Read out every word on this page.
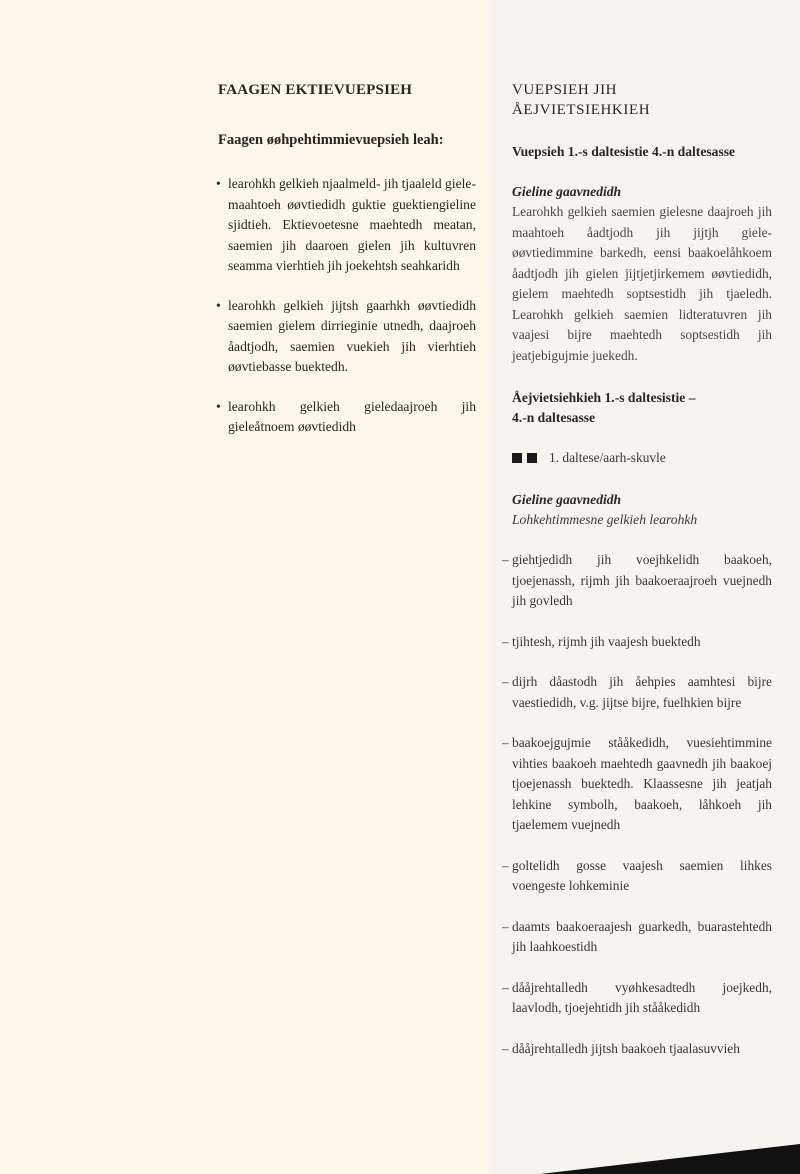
FAAGEN EKTIEVUEPSIEH
Faagen øøhpehtimmievuepsieh leah:
• learohkh gelkieh njaalmeld- jih tjaaleld giele-maahtoeh øøvtiedidh guktie guektiengieline sjidtieh. Ektievoetesne maehtedh meatan, saemien jih daaroen gielen jih kultuvren seamma vierhtieh jih joekehtsh seahkaridh
• learohkh gelkieh jijtsh gaarhkh øøvtiedidh saemien gielem dirrieginie utnedh, daajroeh åadtjodh, saemien vuekieh jih vierhtieh øøvtiebasse buektedh.
• learohkh gelkieh gieledaajroeh jih gieleåtnoem øøvtiedidh
VUEPSIEH JIH
ÅEJVIETSIEHKIEH
Vuepsieh 1.-s daltesistie 4.-n daltesasse
Gieline gaavnedidh
Learohkh gelkieh saemien gielesne daajroeh jih maahtoeh åadtjodh jih jijtjh giele-øøvtiedimmine barkedh, eensi baakoelåhkoem åadtjodh jih gielen jijtjetjirkemem øøvtiedidh, gielem maehtedh soptsestidh jih tjaeledh. Learohkh gelkieh saemien lidteratuvren jih vaajesi bijre maehtedh soptsestidh jih jeatjebigujmie juekedh.
Åejvietsiehkieh 1.-s daltesistie –
4.-n daltesasse
1. daltese/aarh-skuvle
Gieline gaavnedidh
Lohkehtimmesne gelkieh learohkh
– giehtjedidh jih voejhkelidh baakoeh, tjoejenassh, rijmh jih baakoeraajroeh vuejnedh jih govledh
– tjihtesh, rijmh jih vaajesh buektedh
– dijrh dåastodh jih åehpies aamhtesi bijre vaestiedidh, v.g. jijtse bijre, fuelhkien bijre
– baakoejgujmie stååkedidh, vuesiehtimmine vihties baakoeh maehtedh gaavnedh jih baakoej tjoejenassh buektedh. Klaassesne jih jeatjah lehkine symbolh, baakoeh, låhkoeh jih tjaelemem vuejnedh
– goltelidh gosse vaajesh saemien lihkes voengeste lohkeminie
– daamts baakoeraajesh guarkedh, buarastehtedh jih laahkoestidh
– dååjrehtalledh vyøhkesadtedh joejkedh, laavlodh, tjoejehtidh jih stååkedidh
– dååjrehtalledh jijtsh baakoeh tjaalasuvvieh
